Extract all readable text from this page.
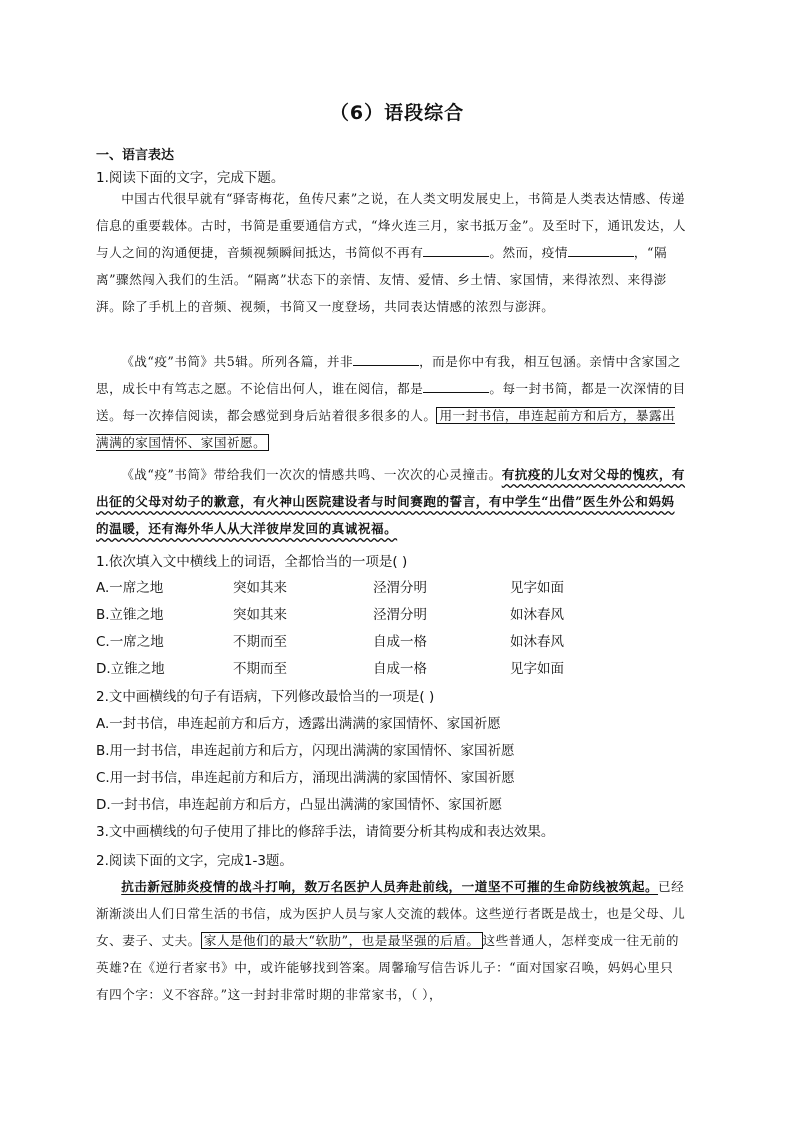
（6）语段综合
一、语言表达
1.阅读下面的文字，完成下题。
中国古代很早就有“驿寄梅花，鱼传尺素”之说，在人类文明发展史上，书简是人类表达情感、传递信息的重要载体。古时，书简是重要通信方式，“烽火连三月，家书抵万金”。及至时下，通讯发达，人与人之间的沟通便捷，音频视频瞬间抵达，书简似不再有	。然而，疫情	，“隔离”骤然闯入我们的生活。“隔离”状态下的亲情、友情、爱情、乡土情、家国情，来得浓烈、来得澎湃。除了手机上的音频、视频，书简又一度登场，共同表达情感的浓烈与澎湃。
《战“疫”书简》共5辑。所列各篇，并非	，而是你中有我，相互包涵。亲情中含家国之思，成长中有笃志之愿。不论信出何人，谁在阅信，都是	。每一封书简，都是一次深情的目送。每一次捧信阅读，都会感觉到身后站着很多很多的人。 用一封书信，串连起前方和后方，暴露出满满的家国情怀、家国祈愿。
《战“疫”书简》带给我们一次次的情感共鸣、一次次的心灵撞击。有抗疫的儿女对父母的愧疚，有出征的父母对幼子的歉意，有火神山医院建设者与时间赛跑的誓言，有中学生“出借”医生外公和妈妈的温暖，还有海外华人从大洋彼岸发回的真诚祝福。
1.依次填入文中横线上的词语，全都恰当的一项是( )
A.一席之地	突如其来	泾渭分明	见字如面
B.立锥之地	突如其来	泾渭分明	如沐春风
C.一席之地	不期而至	自成一格	如沐春风
D.立锥之地	不期而至	自成一格	见字如面
2.文中画横线的句子有语病，下列修改最恰当的一项是( )
A.一封书信，串连起前方和后方，透露出满满的家国情怀、家国祈愿
B.用一封书信，串连起前方和后方，闪现出满满的家国情怀、家国祈愿
C.用一封书信，串连起前方和后方，涌现出满满的家国情怀、家国祈愿
D.一封书信，串连起前方和后方，凸显出满满的家国情怀、家国祈愿
3.文中画横线的句子使用了排比的修辞手法，请简要分析其构成和表达效果。
2.阅读下面的文字，完成1-3题。
抗击新冠肺炎疫情的战斗打响，数万名医护人员奔赴前线，一道坚不可摧的生命防线被筑起。已经渐渐淡出人们日常生活的书信，成为医护人员与家人交流的载体。这些逆行者既是战士，也是父母、儿女、妻子、丈夫。 家人是他们的最大“软肋”，也是最坚强的后盾。 这些普通人，怎样变成一往无前的英雄?在《逆行者家书》中，或许能够找到答案。周馨瑜写信告诉儿子：“面对国家召唤，妈妈心里只有四个字：义不容辞。”这一封封非常时期的非常家书，（ ），
